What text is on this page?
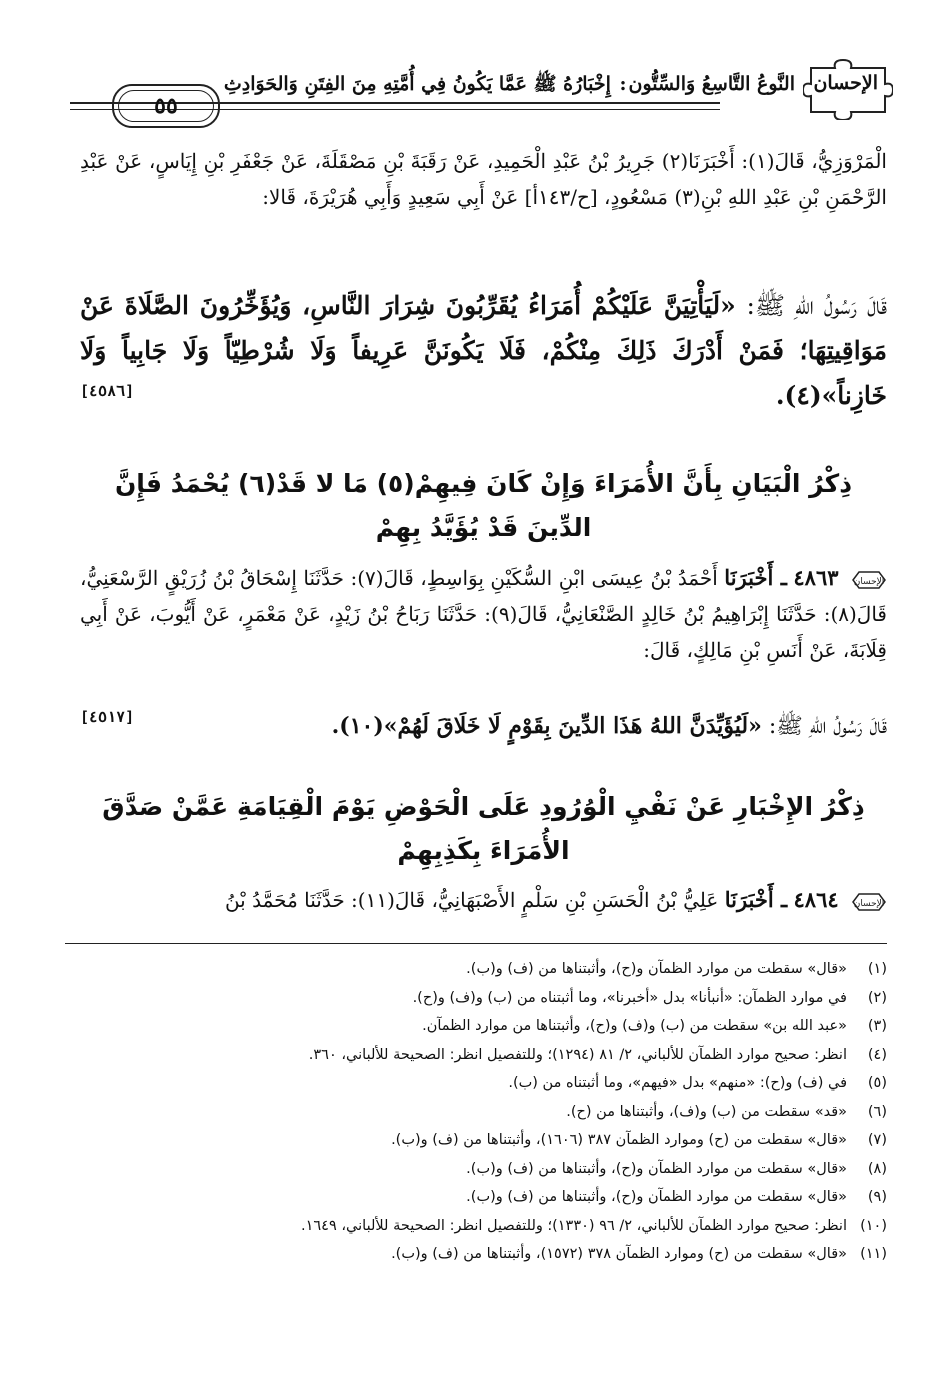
الإحسان
النَّوعُ التَّاسِعُ وَالسِّتُّون: إِخْبَارُهُ ﷺ عَمَّا يَكُونُ فِي أُمَّتِهِ مِنَ الفِتَنِ وَالحَوَادِثِ
٥٥
الْمَرْوَزِيُّ، قَالَ(١): أَخْبَرَنَا(٢) جَرِيرُ بْنُ عَبْدِ الْحَمِيدِ، عَنْ رَقَبَةَ بْنِ مَصْقَلَةَ، عَنْ جَعْفَرِ بْنِ إِيَاسٍ، عَنْ عَبْدِ الرَّحْمَنِ بْنِ عَبْدِ اللهِ بْنِ(٣) مَسْعُودٍ، [ح/١٤٣أ] عَنْ أَبِي سَعِيدٍ وَأَبِي هُرَيْرَةَ، قَالا:
قَالَ رَسُولُ اللهِ ﷺ: «لَيَأْتِيَنَّ عَلَيْكُمْ أُمَرَاءُ يُقَرِّبُونَ شِرَارَ النَّاسِ، وَيُؤَخِّرُونَ الصَّلَاةَ عَنْ مَوَاقِيتِهَا؛ فَمَنْ أَدْرَكَ ذَلِكَ مِنْكُمْ، فَلَا يَكُونَنَّ عَرِيفاً وَلَا شُرْطِيّاً وَلَا جَابِياً وَلَا خَازِناً»(٤).
[٤٥٨٦]
ذِكْرُ الْبَيَانِ بِأَنَّ الأُمَرَاءَ وَإِنْ كَانَ فِيهِمْ(٥) مَا لا قَدْ(٦) يُحْمَدُ فَإِنَّ الدِّينَ قَدْ يُؤَيَّدُ بِهِمْ
الإحسان
٤٨٦٣ ـ أَخْبَرَنَا أَحْمَدُ بْنُ عِيسَى ابْنِ السُّكَيْنِ بِوَاسِطٍ، قَالَ(٧): حَدَّثَنَا إِسْحَاقُ بْنُ زُرَيْقٍ الرَّسْعَنِيُّ، قَالَ(٨): حَدَّثَنَا إِبْرَاهِيمُ بْنُ خَالِدٍ الصَّنْعَانِيُّ، قَالَ(٩): حَدَّثَنَا رَبَاحُ بْنُ زَيْدٍ، عَنْ مَعْمَرٍ، عَنْ أَيُّوبَ، عَنْ أَبِي قِلَابَةَ، عَنْ أَنَسِ بْنِ مَالِكٍ، قَالَ:
قَالَ رَسُولُ اللهِ ﷺ: «لَيُؤَيِّدَنَّ اللهُ هَذَا الدِّينَ بِقَوْمٍ لَا خَلَاقَ لَهُمْ»(١٠).
[٤٥١٧]
ذِكْرُ الإِخْبَارِ عَنْ نَفْيِ الْوُرُودِ عَلَى الْحَوْضِ يَوْمَ الْقِيَامَةِ عَمَّنْ صَدَّقَ الأُمَرَاءَ بِكَذِبِهِمْ
الإحسان
٤٨٦٤ ـ أَخْبَرَنَا عَلِيُّ بْنُ الْحَسَنِ بْنِ سَلْمٍ الأَصْبَهَانِيُّ، قَالَ(١١): حَدَّثَنَا مُحَمَّدُ بْنُ
(١)«قال» سقطت من موارد الظمآن و(ح)، وأثبتناها من (ف) و(ب).
(٢)في موارد الظمآن: «أنبأنا» بدل «أخبرنا»، وما أثبتناه من (ب) و(ف) و(ح).
(٣)«عبد الله بن» سقطت من (ب) و(ف) و(ح)، وأثبتناها من موارد الظمآن.
(٤)انظر: صحيح موارد الظمآن للألباني، ٢/ ٨١ (١٢٩٤)؛ وللتفصيل انظر: الصحيحة للألباني، ٣٦٠.
(٥)في (ف) و(ح): «منهم» بدل «فيهم»، وما أثبتناه من (ب).
(٦)«قد» سقطت من (ب) و(ف)، وأثبتناها من (ح).
(٧)«قال» سقطت من (ح) وموارد الظمآن ٣٨٧ (١٦٠٦)، وأثبتناها من (ف) و(ب).
(٨)«قال» سقطت من موارد الظمآن و(ح)، وأثبتناها من (ف) و(ب).
(٩)«قال» سقطت من موارد الظمآن و(ح)، وأثبتناها من (ف) و(ب).
(١٠)انظر: صحيح موارد الظمآن للألباني، ٢/ ٩٦ (١٣٣٠)؛ وللتفصيل انظر: الصحيحة للألباني، ١٦٤٩.
(١١)«قال» سقطت من (ح) وموارد الظمآن ٣٧٨ (١٥٧٢)، وأثبتناها من (ف) و(ب).
